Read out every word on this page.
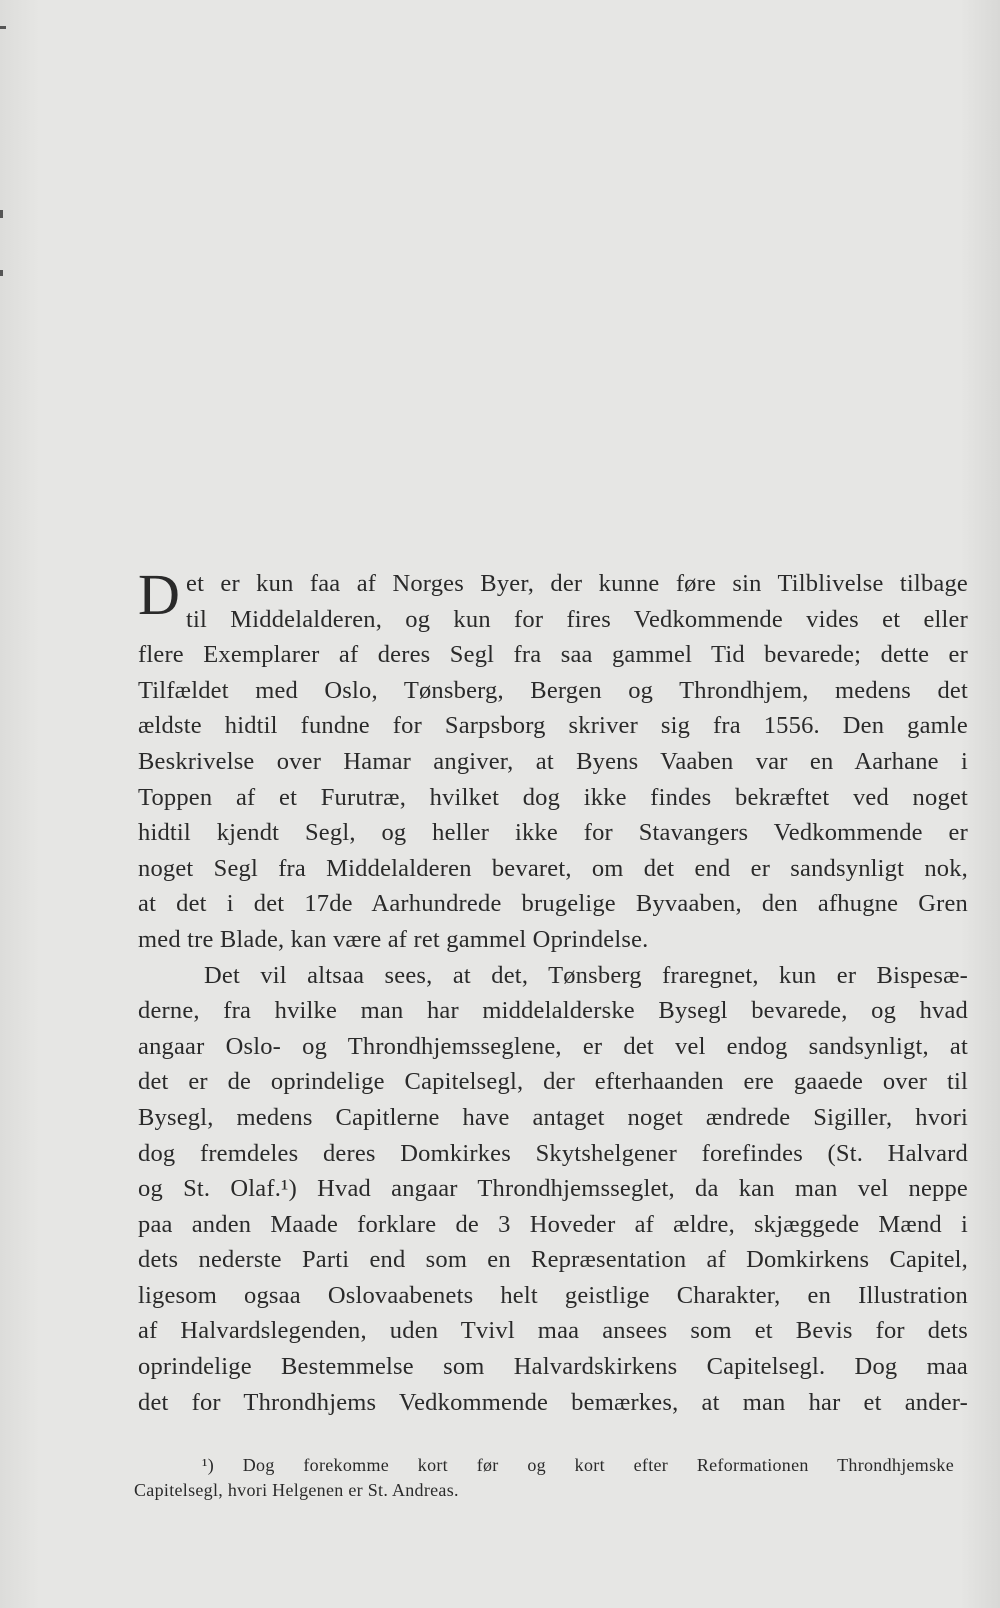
D et er kun faa af Norges Byer, der kunne føre sin Tilblivelse tilbage
til Middelalderen, og kun for fires Vedkommende vides et eller
flere Exemplarer af deres Segl fra saa gammel Tid bevarede; dette er
Tilfældet med Oslo, Tønsberg, Bergen og Throndhjem, medens det
ældste hidtil fundne for Sarpsborg skriver sig fra 1556. Den gamle
Beskrivelse over Hamar angiver, at Byens Vaaben var en Aarhane i
Toppen af et Furutræ, hvilket dog ikke findes bekræftet ved noget
hidtil kjendt Segl, og heller ikke for Stavangers Vedkommende er
noget Segl fra Middelalderen bevaret, om det end er sandsynligt nok,
at det i det 17de Aarhundrede brugelige Byvaaben, den afhugne Gren
med tre Blade, kan være af ret gammel Oprindelse.
Det vil altsaa sees, at det, Tønsberg fraregnet, kun er Bispesæ-
derne, fra hvilke man har middelalderske Bysegl bevarede, og hvad
angaar Oslo- og Throndhjemsseglene, er det vel endog sandsynligt, at
det er de oprindelige Capitelsegl, der efterhaanden ere gaaede over til
Bysegl, medens Capitlerne have antaget noget ændrede Sigiller, hvori
dog fremdeles deres Domkirkes Skytshelgener forefindes (St. Halvard
og St. Olaf.¹) Hvad angaar Throndhjemsseglet, da kan man vel neppe
paa anden Maade forklare de 3 Hoveder af ældre, skjæggede Mænd i
dets nederste Parti end som en Repræsentation af Domkirkens Capitel,
ligesom ogsaa Oslovaabenets helt geistlige Charakter, en Illustration
af Halvardslegenden, uden Tvivl maa ansees som et Bevis for dets
oprindelige Bestemmelse som Halvardskirkens Capitelsegl. Dog maa
det for Throndhjems Vedkommende bemærkes, at man har et ander-
¹) Dog forekomme kort før og kort efter Reformationen Throndhjemske
Capitelsegl, hvori Helgenen er St. Andreas.
